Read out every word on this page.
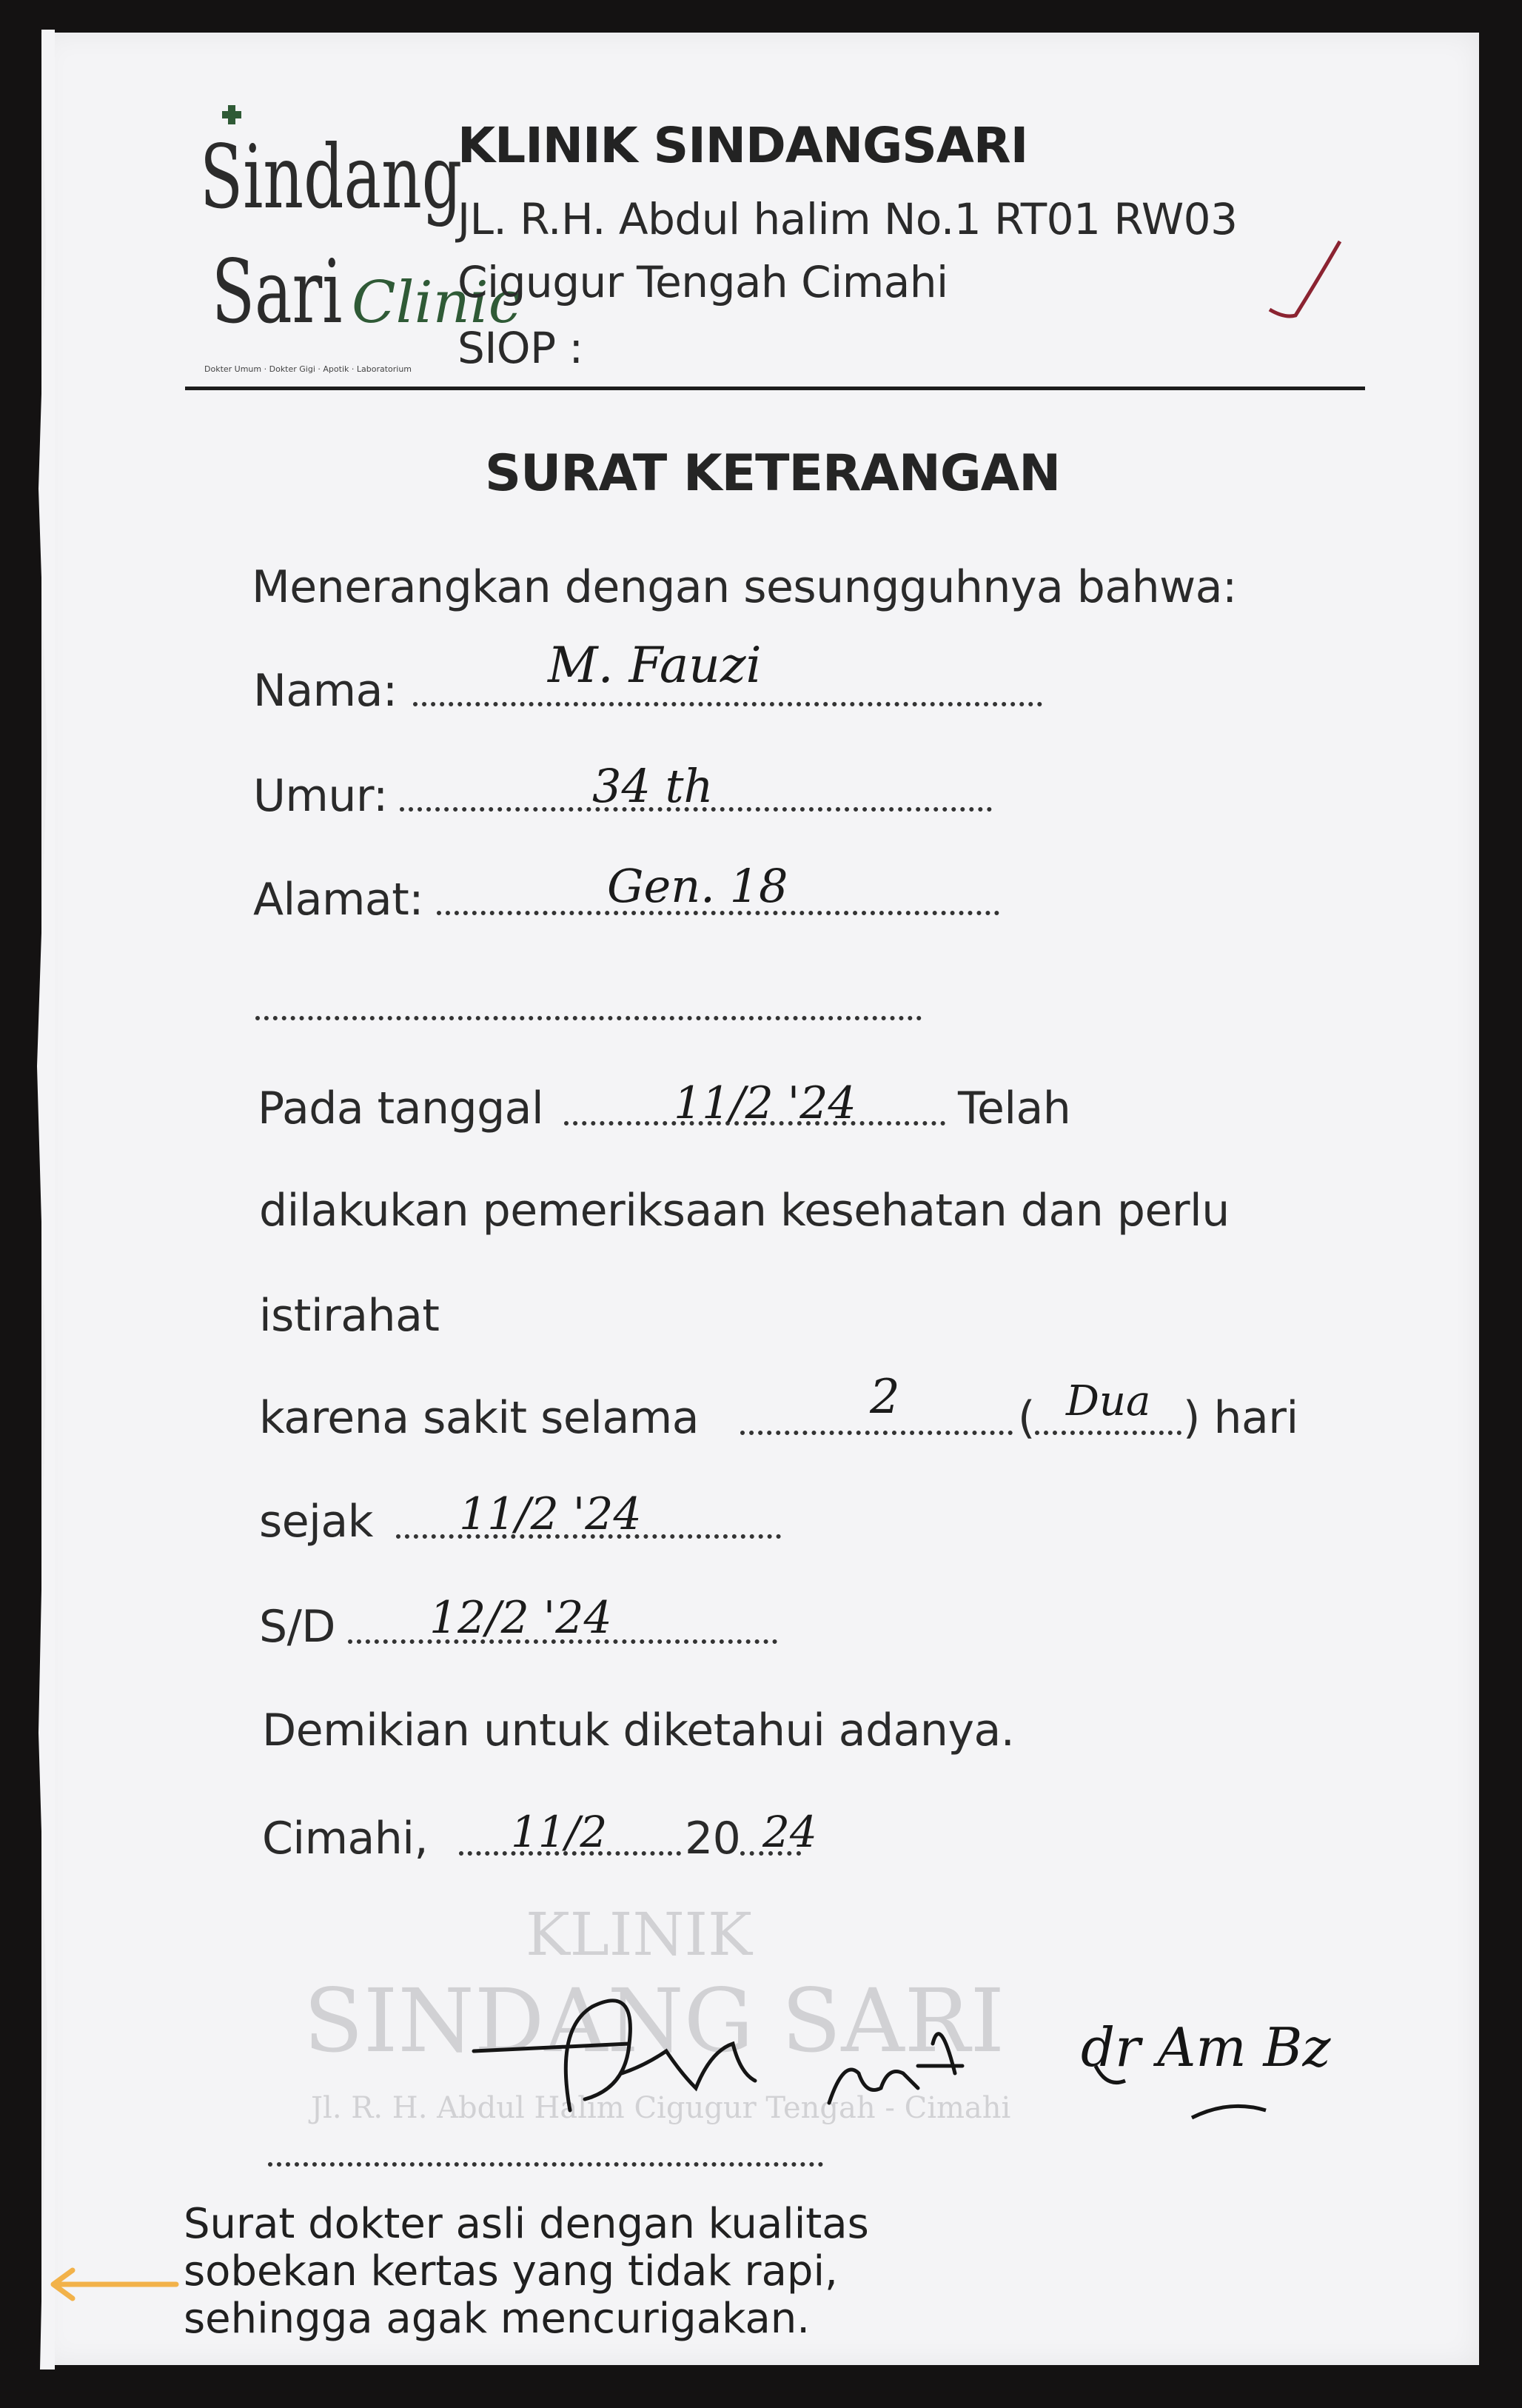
Sindang
Sari Clinic
Dokter Umum · Dokter Gigi · Apotik · Laboratorium
KLINIK SINDANGSARI
JL. R.H. Abdul halim No.1 RT01 RW03
Cigugur Tengah Cimahi
SIOP :
SURAT KETERANGAN
Menerangkan dengan sesungguhnya bahwa:
Nama:	M. Fauzi
Umur:	34 th
Alamat:	Gen. 18
Pada tanggal	11/2 '24 Telah
dilakukan pemeriksaan kesehatan dan perlu
istirahat
karena sakit selama	2	( Dua ) hari
sejak 11/2 '24
S/D 12/2 '24
Demikian untuk diketahui adanya.
Cimahi, 11/2 20 24
KLINIK
SINDANG SARI
Jl. R. H. Abdul Halim Cigugur Tengah - Cimahi
dr Am Bz
Surat dokter asli dengan kualitas
sobekan kertas yang tidak rapi,
sehingga agak mencurigakan.
